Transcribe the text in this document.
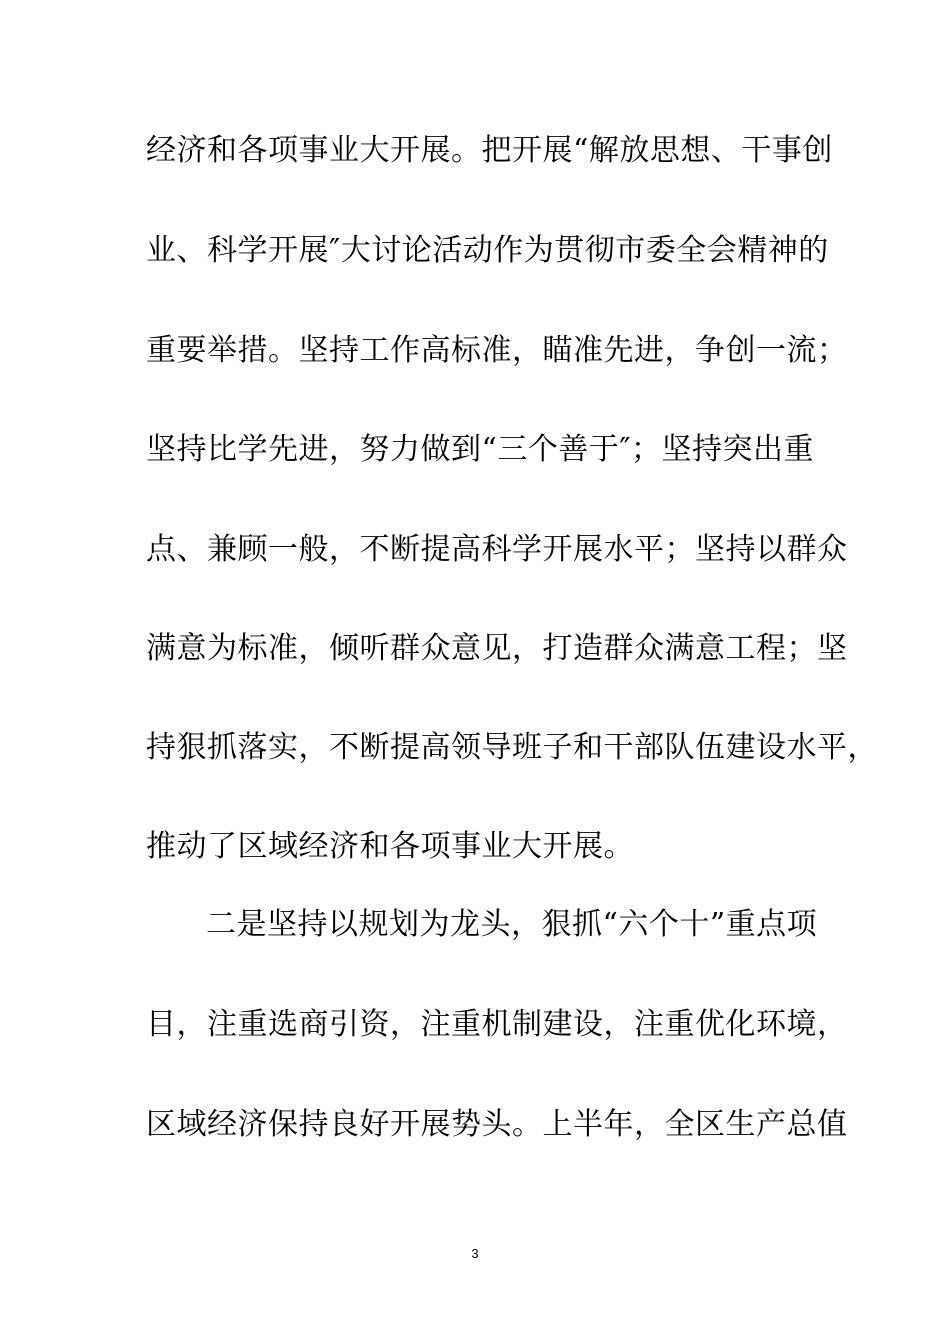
经济和各项事业大开展。把开展“解放思想、干事创
业、科学开展″大讨论活动作为贯彻市委全会精神的
重要举措。坚持工作高标准，瞄准先进，争创一流；
坚持比学先进，努力做到“三个善于″；坚持突出重
点、兼顾一般，不断提高科学开展水平；坚持以群众
满意为标准，倾听群众意见，打造群众满意工程；坚
持狠抓落实，不断提高领导班子和干部队伍建设水平，
推动了区域经济和各项事业大开展。
二是坚持以规划为龙头，狠抓“六个十”重点项
目，注重选商引资，注重机制建设，注重优化环境，
区域经济保持良好开展势头。上半年，全区生产总值
3
